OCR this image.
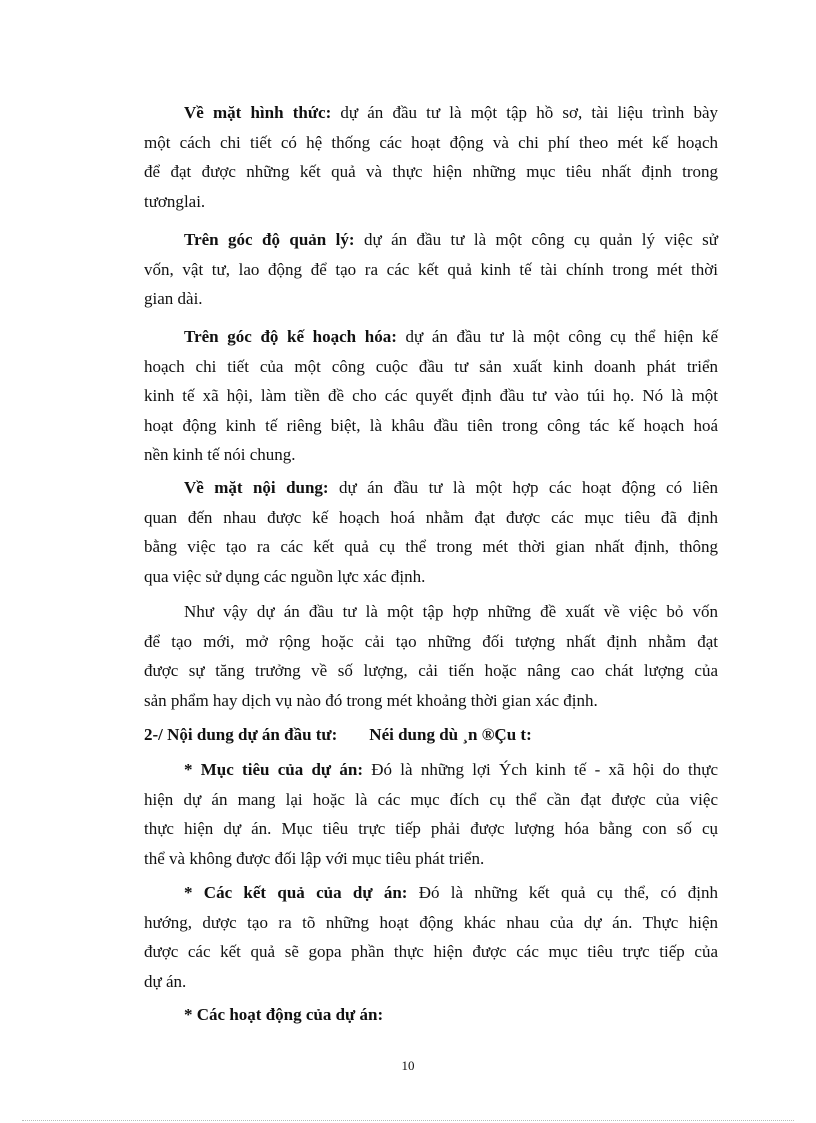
Về mặt hình thức: dự án đầu tư là một tập hồ sơ, tài liệu trình bày
một cách chi tiết có hệ thống các hoạt động và chi phí theo mét kế hoạch
để đạt được những kết quả và thực hiện những mục tiêu nhất định trong
tươnglai.
Trên góc độ quản lý: dự án đầu tư là một công cụ quản lý việc sử
vốn, vật tư, lao động để tạo ra các kết quả kinh tế tài chính trong mét thời
gian dài.
Trên góc độ kế hoạch hóa: dự án đầu tư là một công cụ thể hiện kế
hoạch chi tiết của một công cuộc đầu tư sản xuất kinh doanh phát triển
kinh tế xã hội, làm tiền đề cho các quyết định đầu tư vào túi họ. Nó là một
hoạt động kinh tế riêng biệt, là khâu đầu tiên trong công tác kế hoạch hoá
nền kinh tế nói chung.
Về mặt nội dung: dự án đầu tư là một hợp các hoạt động có liên
quan đến nhau được kế hoạch hoá nhằm đạt được các mục tiêu đã định
bằng việc tạo ra các kết quả cụ thể trong mét thời gian nhất định, thông
qua việc sử dụng các nguồn lực xác định.
Như vậy dự án đầu tư là một tập hợp những đề xuất về việc bỏ vốn
để tạo mới, mở rộng hoặc cải tạo những đối tượng nhất định nhằm đạt
được sự tăng trưởng về số lượng, cải tiến hoặc nâng cao chát lượng của
sản phẩm hay dịch vụ nào đó trong mét khoảng thời gian xác định.
2-/ Nội dung dự án đầu tư: Néi dung dù ¸n ®Çu t:
* Mục tiêu của dự án: Đó là những lợi Ých kinh tế - xã hội do thực
hiện dự án mang lại hoặc là các mục đích cụ thể cần đạt được của việc
thực hiện dự án. Mục tiêu trực tiếp phải được lượng hóa bằng con số cụ
thể và không được đối lập với mục tiêu phát triển.
* Các kết quả của dự án: Đó là những kết quả cụ thể, có định
hướng, dược tạo ra tõ những hoạt động khác nhau của dự án. Thực hiện
được các kết quả sẽ gopa phần thực hiện được các mục tiêu trực tiếp của
dự án.
* Các hoạt động của dự án:
10
